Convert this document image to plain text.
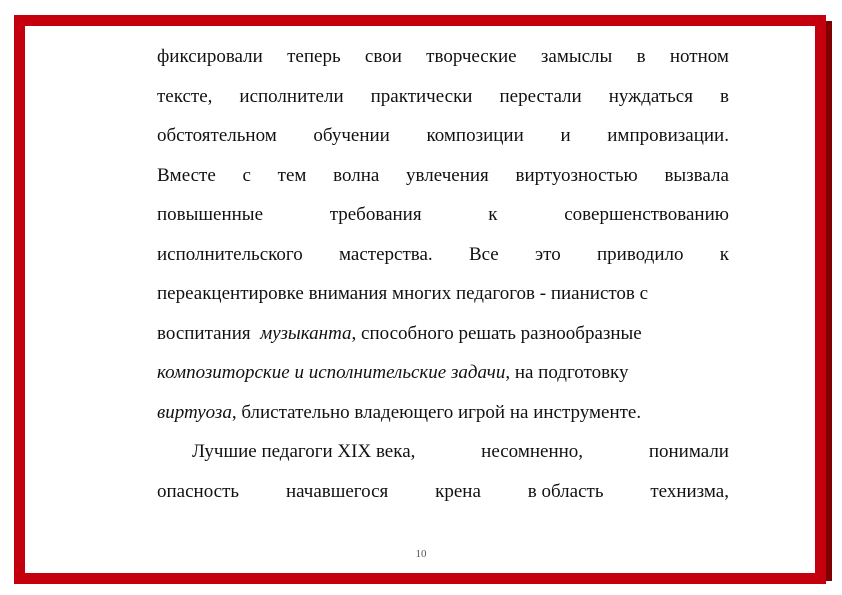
фиксировали теперь свои творческие замыслы в нотном
тексте, исполнители практически перестали нуждаться в
обстоятельном обучении композиции и импровизации.
Вместе с тем волна увлечения виртуозностью вызвала
повышенные	требования	к	совершенствованию
исполнительского мастерства. Все это приводило к
переакцентировке внимания многих педагогов - пианистов с
воспитания музыканта, способного решать разнообразные
композиторские и исполнительские задачи, на подготовку
виртуоза, блистательно владеющего игрой на инструменте.
Лучшие педагоги XIX века,	несомненно,	понимали
опасность начавшегося крена в область технизма,
10
